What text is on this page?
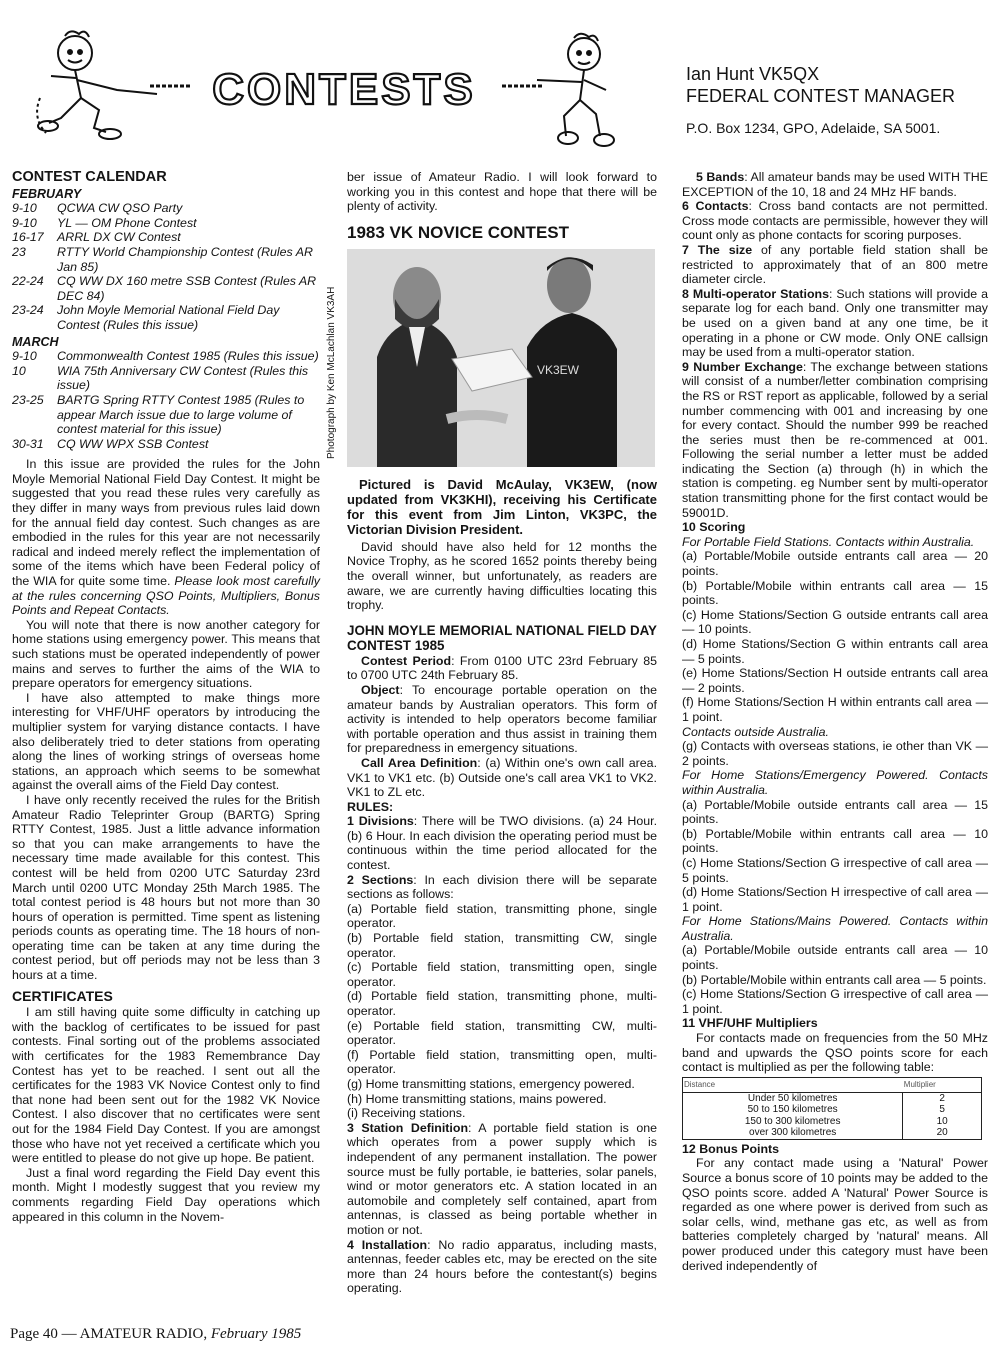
CONTESTS	Ian Hunt VK5QX
FEDERAL CONTEST MANAGER
P.O. Box 1234, GPO, Adelaide, SA 5001.
CONTEST CALENDAR
FEBRUARY
9-10	QCWA CW QSO Party
9-10	YL — OM Phone Contest
16-17	ARRL DX CW Contest
23	RTTY World Championship Contest (Rules AR Jan 85)
22-24	CQ WW DX 160 metre SSB Contest (Rules AR DEC 84)
23-24	John Moyle Memorial National Field Day Contest (Rules this issue)
MARCH
9-10	Commonwealth Contest 1985 (Rules this issue)
10	WIA 75th Anniversary CW Contest (Rules this issue)
23-25	BARTG Spring RTTY Contest 1985 (Rules to appear March issue due to large volume of contest material for this issue)
30-31	CQ WW WPX SSB Contest

In this issue are provided the rules for the John Moyle Memorial National Field Day Contest. It might be suggested that you read these rules very carefully as they differ in many ways from previous rules laid down for the annual field day contest. Such changes as are embodied in the rules for this year are not necessarily radical and indeed merely reflect the implementation of some of the items which have been Federal policy of the WIA for quite some time. Please look most carefully at the rules concerning QSO Points, Multipliers, Bonus Points and Repeat Contacts.

You will note that there is now another category for home stations using emergency power. This means that such stations must be operated independently of power mains and serves to further the aims of the WIA to prepare operators for emergency situations.

I have also attempted to make things more interesting for VHF/UHF operators by introducing the multiplier system for varying distance contacts. I have also deliberately tried to deter stations from operating along the lines of working strings of overseas home stations, an approach which seems to be somewhat against the overall aims of the Field Day contest.

I have only recently received the rules for the British Amateur Radio Teleprinter Group (BARTG) Spring RTTY Contest, 1985. Just a little advance information so that you can make arrangements to have the necessary time made available for this contest. This contest will be held from 0200 UTC Saturday 23rd March until 0200 UTC Monday 25th March 1985. The total contest period is 48 hours but not more than 30 hours of operation is permitted. Time spent as listening periods counts as operating time. The 18 hours of non-operating time can be taken at any time during the contest period, but off periods may not be less than 3 hours at a time.

CERTIFICATES

I am still having quite some difficulty in catching up with the backlog of certificates to be issued for past contests. Final sorting out of the problems associated with certificates for the 1983 Remembrance Day Contest has yet to be reached. I sent out all the certificates for the 1983 VK Novice Contest only to find that none had been sent out for the 1982 VK Novice Contest. I also discover that no certificates were sent out for the 1984 Field Day Contest. If you are amongst those who have not yet received a certificate which you were entitled to please do not give up hope. Be patient.

Just a final word regarding the Field Day event this month. Might I modestly suggest that you review my comments regarding Field Day operations which appeared in this column in the Novem-

ber issue of Amateur Radio. I will look forward to working you in this contest and hope that there will be plenty of activity.

1983 VK NOVICE CONTEST
Photograph by Ken McLachlan VK3AH	VK3EW

Pictured is David McAulay, VK3EW, (now updated from VK3KHI), receiving his Certificate for this event from Jim Linton, VK3PC, the Victorian Division President.

David should have also held for 12 months the Novice Trophy, as he scored 1652 points thereby being the overall winner, but unfortunately, as readers are aware, we are currently having difficulties locating this trophy.

JOHN MOYLE MEMORIAL NATIONAL FIELD DAY CONTEST 1985

Contest Period: From 0100 UTC 23rd February 85 to 0700 UTC 24th February 85.

Object: To encourage portable operation on the amateur bands by Australian operators. This form of activity is intended to help operators become familiar with portable operation and thus assist in training them for preparedness in emergency situations.

Call Area Definition: (a) Within one's own call area. VK1 to VK1 etc. (b) Outside one's call area VK1 to VK2. VK1 to ZL etc.

RULES:

1 Divisions: There will be TWO divisions. (a) 24 Hour. (b) 6 Hour. In each division the operating period must be continuous within the time period allocated for the contest.

2 Sections: In each division there will be separate sections as follows:

(a) Portable field station, transmitting phone, single operator.

(b) Portable field station, transmitting CW, single operator.

(c) Portable field station, transmitting open, single operator.

(d) Portable field station, transmitting phone, multi-operator.

(e) Portable field station, transmitting CW, multi-operator.

(f) Portable field station, transmitting open, multi-operator.

(g) Home transmitting stations, emergency powered.

(h) Home transmitting stations, mains powered.

(i) Receiving stations.

3 Station Definition: A portable field station is one which operates from a power supply which is independent of any permanent installation. The power source must be fully portable, ie batteries, solar panels, wind or motor generators etc. A station located in an automobile and completely self contained, apart from antennas, is classed as being portable whether in motion or not.

4 Installation: No radio apparatus, including masts, antennas, feeder cables etc, may be erected on the site more than 24 hours before the contestant(s) begins operating.

5 Bands: All amateur bands may be used WITH THE EXCEPTION of the 10, 18 and 24 MHz HF bands.

6 Contacts: Cross band contacts are not permitted. Cross mode contacts are permissible, however they will count only as phone contacts for scoring purposes.

7 The size of any portable field station shall be restricted to approximately that of an 800 metre diameter circle.

8 Multi-operator Stations: Such stations will provide a separate log for each band. Only one transmitter may be used on a given band at any one time, be it operating in a phone or CW mode. Only ONE callsign may be used from a multi-operator station.

9 Number Exchange: The exchange between stations will consist of a number/letter combination comprising the RS or RST report as applicable, followed by a serial number commencing with 001 and increasing by one for every contact. Should the number 999 be reached the series must then be re-commenced at 001. Following the serial number a letter must be added indicating the Section (a) through (h) in which the station is competing. eg Number sent by multi-operator station transmitting phone for the first contact would be 59001D.

10 Scoring

For Portable Field Stations. Contacts within Australia.

(a) Portable/Mobile outside entrants call area — 20 points.

(b) Portable/Mobile within entrants call area — 15 points.

(c) Home Stations/Section G outside entrants call area — 10 points.

(d) Home Stations/Section G within entrants call area — 5 points.

(e) Home Stations/Section H outside entrants call area — 2 points.

(f) Home Stations/Section H within entrants call area — 1 point.

Contacts outside Australia.

(g) Contacts with overseas stations, ie other than VK — 2 points.

For Home Stations/Emergency Powered. Contacts within Australia.

(a) Portable/Mobile outside entrants call area — 15 points.

(b) Portable/Mobile within entrants call area — 10 points.

(c) Home Stations/Section G irrespective of call area — 5 points.

(d) Home Stations/Section H irrespective of call area — 1 point.

For Home Stations/Mains Powered. Contacts within Australia.

(a) Portable/Mobile outside entrants call area — 10 points.

(b) Portable/Mobile within entrants call area — 5 points.

(c) Home Stations/Section G irrespective of call area — 1 point.

11 VHF/UHF Multipliers

For contacts made on frequencies from the 50 MHz band and upwards the QSO points score for each contact is multiplied as per the following table:

Distance	Multiplier
Under 50 kilometres	2
50 to 150 kilometres	5
150 to 300 kilometres	10
over 300 kilometres	20

12 Bonus Points

For any contact made using a 'Natural' Power Source a bonus score of 10 points may be added to the QSO points score. added A 'Natural' Power Source is regarded as one where power is derived from such as solar cells, wind, methane gas etc, as well as from batteries completely charged by 'natural' means. All power produced under this category must have been derived independently of

Page 40 — AMATEUR RADIO, February 1985
